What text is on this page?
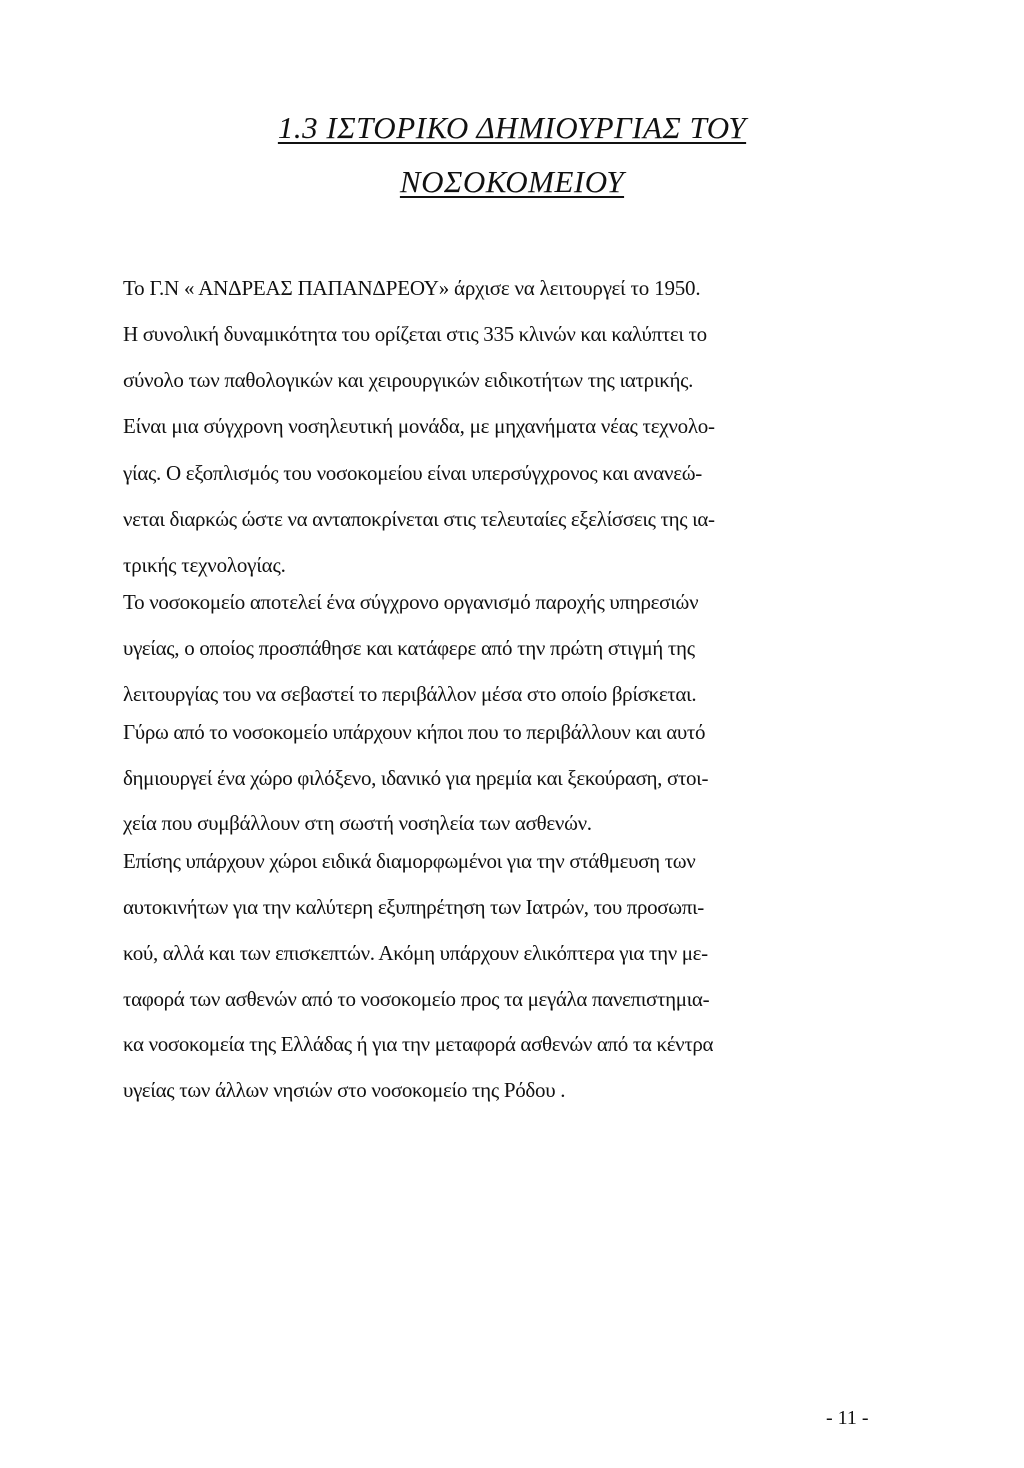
1.3 ΙΣΤΟΡΙΚΟ ΔΗΜΙΟΥΡΓΙΑΣ ΤΟΥ
ΝΟΣΟΚΟΜΕΙΟΥ

Το Γ.Ν « ΑΝΔΡΕΑΣ ΠΑΠΑΝΔΡΕΟΥ» άρχισε να λειτουργεί το 1950.

Η συνολική δυναμικότητα του ορίζεται στις 335 κλινών και καλύπτει το

σύνολο των παθολογικών και χειρουργικών ειδικοτήτων της ιατρικής.

Είναι μια σύγχρονη νοσηλευτική μονάδα, με μηχανήματα νέας τεχνολο-

γίας. Ο εξοπλισμός του νοσοκομείου είναι υπερσύγχρονος και ανανεώ-

νεται διαρκώς ώστε να ανταποκρίνεται στις τελευταίες εξελίσσεις της ια-

τρικής τεχνολογίας.

Το νοσοκομείο αποτελεί ένα σύγχρονο οργανισμό παροχής υπηρεσιών

υγείας, ο οποίος προσπάθησε και κατάφερε από την πρώτη στιγμή της

λειτουργίας του να σεβαστεί το περιβάλλον μέσα στο οποίο βρίσκεται.

Γύρω από το νοσοκομείο υπάρχουν κήποι που το περιβάλλουν και αυτό

δημιουργεί ένα χώρο φιλόξενο, ιδανικό για ηρεμία και ξεκούραση, στοι-

χεία που συμβάλλουν στη σωστή νοσηλεία των ασθενών.

Επίσης υπάρχουν χώροι ειδικά διαμορφωμένοι για την στάθμευση των

αυτοκινήτων για την καλύτερη εξυπηρέτηση των Ιατρών, του προσωπι-

κού, αλλά και των επισκεπτών. Ακόμη υπάρχουν ελικόπτερα για την με-

ταφορά των ασθενών από το νοσοκομείο προς τα μεγάλα πανεπιστημια-

κα νοσοκομεία της Ελλάδας ή για την μεταφορά ασθενών από τα κέντρα

υγείας των άλλων νησιών στο νοσοκομείο της Ρόδου .

- 11 -
